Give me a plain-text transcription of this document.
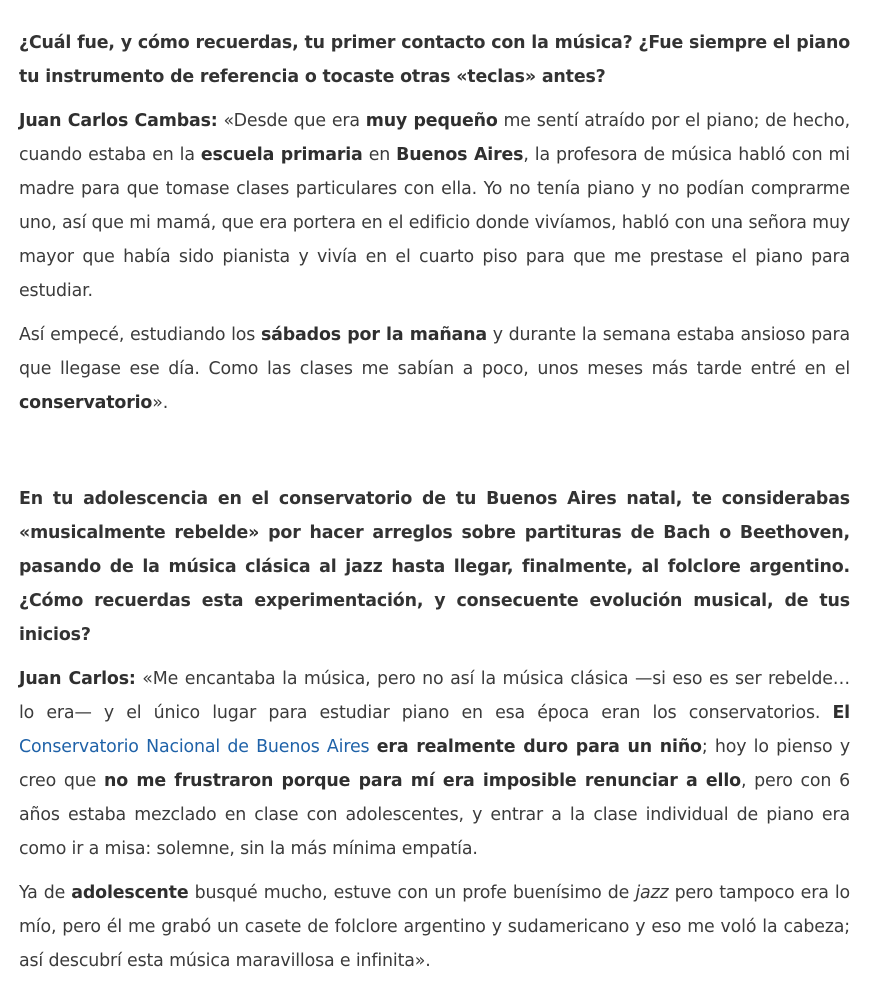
¿Cuál fue, y cómo recuerdas, tu primer contacto con la música? ¿Fue siempre el piano tu instrumento de referencia o tocaste otras «teclas» antes?

Juan Carlos Cambas: «Desde que era muy pequeño me sentí atraído por el piano; de hecho, cuando estaba en la escuela primaria en Buenos Aires, la profesora de música habló con mi madre para que tomase clases particulares con ella. Yo no tenía piano y no podían comprarme uno, así que mi mamá, que era portera en el edificio donde vivíamos, habló con una señora muy mayor que había sido pianista y vivía en el cuarto piso para que me prestase el piano para estudiar.

Así empecé, estudiando los sábados por la mañana y durante la semana estaba ansioso para que llegase ese día. Como las clases me sabían a poco, unos meses más tarde entré en el conservatorio».

En tu adolescencia en el conservatorio de tu Buenos Aires natal, te considerabas «musicalmente rebelde» por hacer arreglos sobre partituras de Bach o Beethoven, pasando de la música clásica al jazz hasta llegar, finalmente, al folclore argentino. ¿Cómo recuerdas esta experimentación, y consecuente evolución musical, de tus inicios?

Juan Carlos: «Me encantaba la música, pero no así la música clásica —si eso es ser rebelde… lo era— y el único lugar para estudiar piano en esa época eran los conservatorios. El Conservatorio Nacional de Buenos Aires era realmente duro para un niño; hoy lo pienso y creo que no me frustraron porque para mí era imposible renunciar a ello, pero con 6 años estaba mezclado en clase con adolescentes, y entrar a la clase individual de piano era como ir a misa: solemne, sin la más mínima empatía.

Ya de adolescente busqué mucho, estuve con un profe buenísimo de jazz pero tampoco era lo mío, pero él me grabó un casete de folclore argentino y sudamericano y eso me voló la cabeza; así descubrí esta música maravillosa e infinita».
